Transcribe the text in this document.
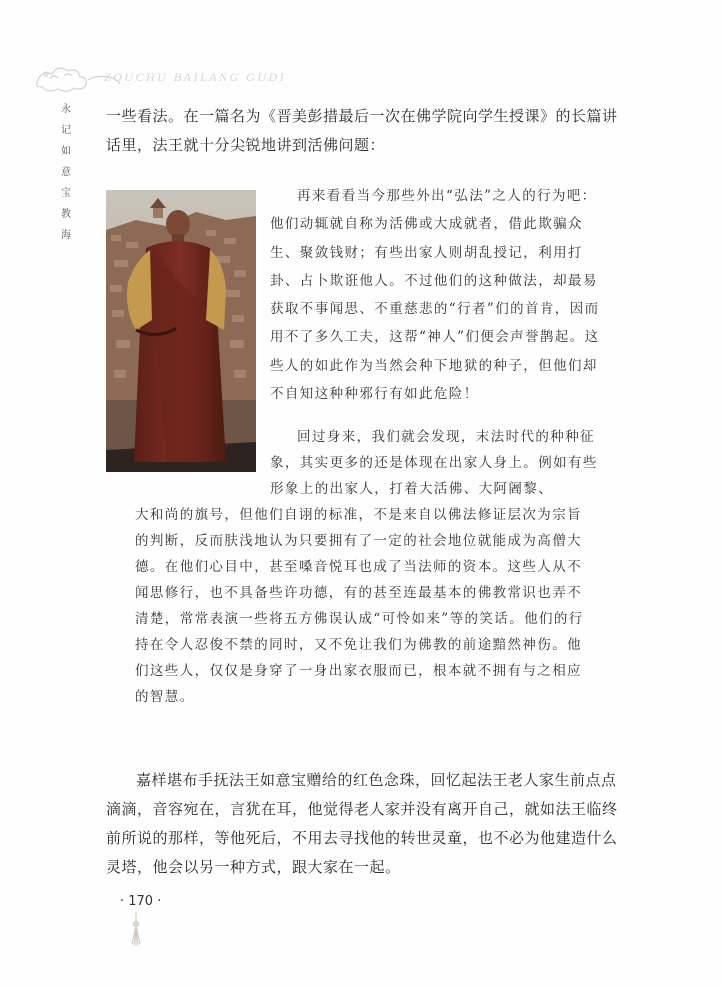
ZOUCHU BAILANG GUDI
永
记
如
意
宝
教
海

一些看法。在一篇名为《晋美彭措最后一次在佛学院向学生授课》的长篇讲话里，法王就十分尖锐地讲到活佛问题：

再来看看当今那些外出“弘法”之人的行为吧：他们动辄就自称为活佛或大成就者，借此欺骗众生、聚敛钱财；有些出家人则胡乱授记，利用打卦、占卜欺诳他人。不过他们的这种做法，却最易获取不事闻思、不重慈悲的“行者”们的首肯，因而用不了多久工夫，这帮“神人”们便会声誉鹊起。这些人的如此作为当然会种下地狱的种子，但他们却不自知这种种邪行有如此危险！

回过身来，我们就会发现，末法时代的种种征象，其实更多的还是体现在出家人身上。例如有些形象上的出家人，打着大活佛、大阿阇黎、

大和尚的旗号，但他们自诩的标准，不是来自以佛法修证层次为宗旨的判断，反而肤浅地认为只要拥有了一定的社会地位就能成为高僧大德。在他们心目中，甚至嗓音悦耳也成了当法师的资本。这些人从不闻思修行，也不具备些许功德，有的甚至连最基本的佛教常识也弄不清楚，常常表演一些将五方佛误认成“可怜如来”等的笑话。他们的行持在令人忍俊不禁的同时，又不免让我们为佛教的前途黯然神伤。他们这些人，仅仅是身穿了一身出家衣服而已，根本就不拥有与之相应的智慧。

嘉样堪布手抚法王如意宝赠给的红色念珠，回忆起法王老人家生前点点滴滴，音容宛在，言犹在耳，他觉得老人家并没有离开自己，就如法王临终前所说的那样，等他死后，不用去寻找他的转世灵童，也不必为他建造什么灵塔，他会以另一种方式，跟大家在一起。

· 170 ·
